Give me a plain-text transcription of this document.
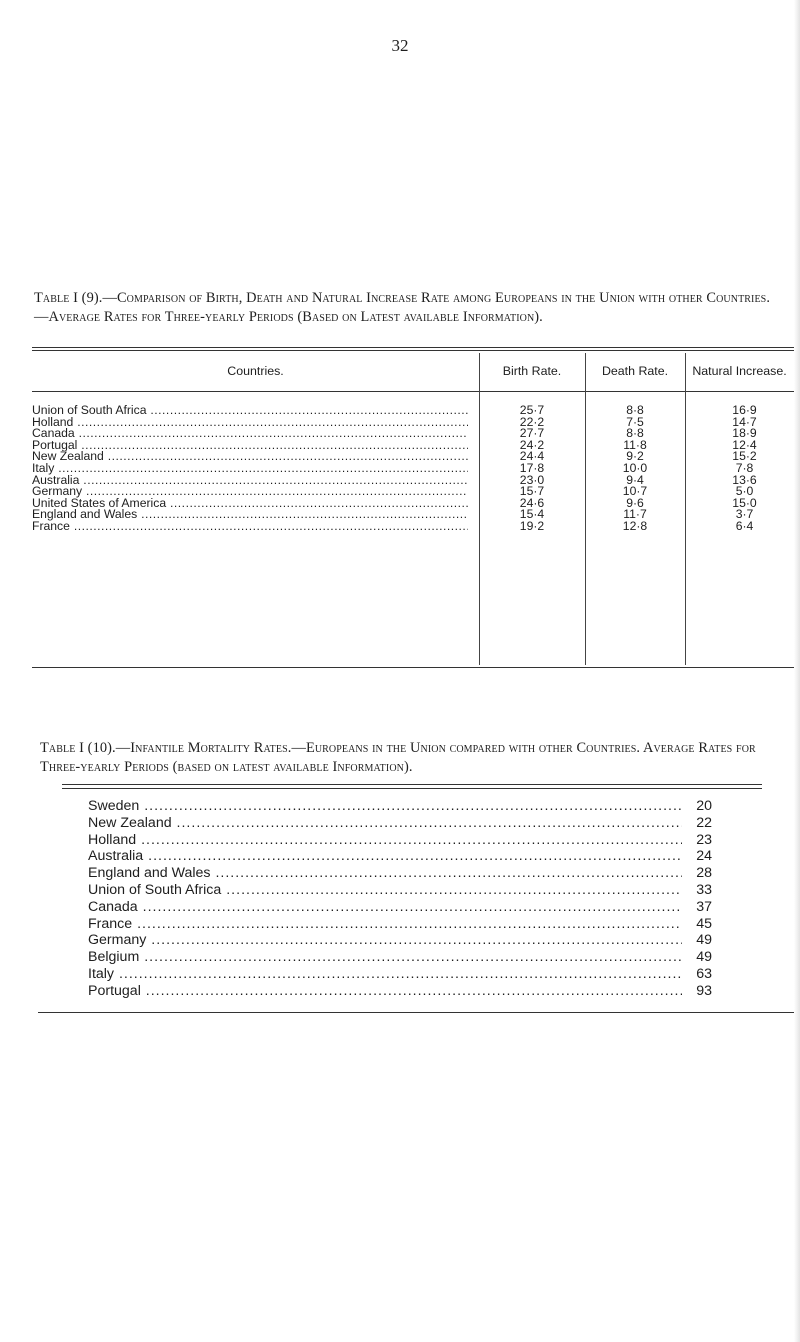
32
Table I (9).—Comparison of Birth, Death and Natural Increase Rate among Europeans in the Union with other Countries.—Average Rates for Three-yearly Periods (Based on Latest available Information).
Countries.	Birth Rate.	Death Rate.	Natural Increase.
Union of South Africa .....	25·7	8·8	16·9
Holland .....	22·2	7·5	14·7
Canada .....	27·7	8·8	18·9
Portugal .....	24·2	11·8	12·4
New Zealand .....	24·4	9·2	15·2
Italy .....	17·8	10·0	7·8
Australia .....	23·0	9·4	13·6
Germany .....	15·7	10·7	5·0
United States of America .....	24·6	9·6	15·0
England and Wales .....	15·4	11·7	3·7
France .....	19·2	12·8	6·4
Table I (10).—Infantile Mortality Rates.—Europeans in the Union compared with other Countries. Average Rates for Three-yearly Periods (based on latest available Information).
Sweden .....	20
New Zealand .....	22
Holland .....	23
Australia .....	24
England and Wales .....	28
Union of South Africa .....	33
Canada .....	37
France .....	45
Germany .....	49
Belgium .....	49
Italy .....	63
Portugal .....	93
